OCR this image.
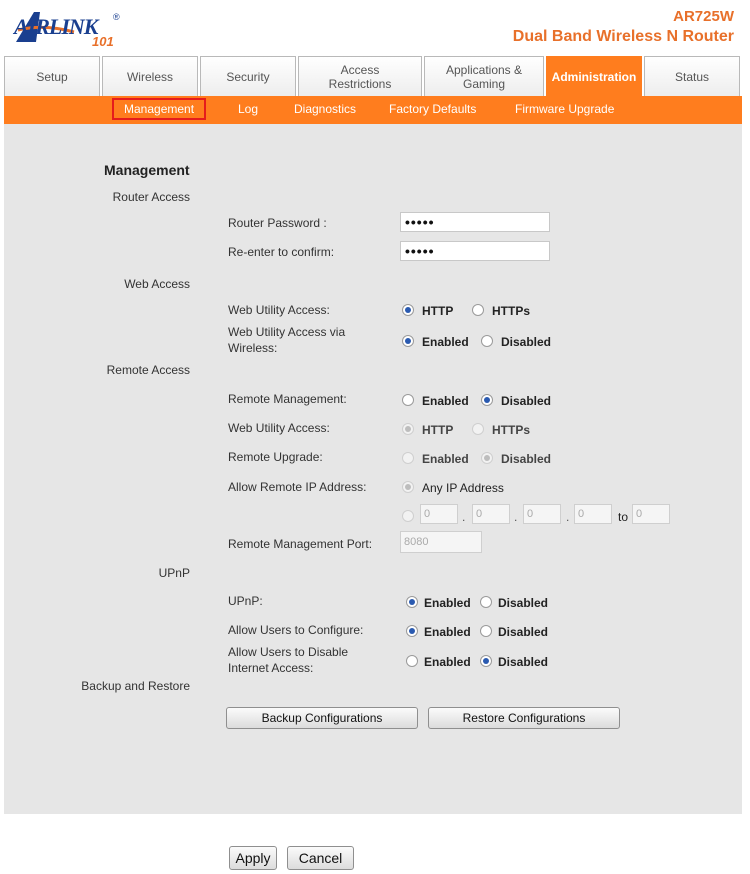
AIRLINK
101
®	AR725W
Dual Band Wireless N Router
Setup	Wireless	Security	Access Restrictions
Applications & Gaming	Administration	Status
Management	Log	Diagnostics	Factory Defaults	Firmware Upgrade
Management
Router Access
Router Password :	•••••
Re-enter to confirm:	•••••
Web Access
Web Utility Access:	HTTP	HTTPs
Web Utility Access via Wireless:	Enabled	Disabled
Remote Access
Remote Management:	Enabled	Disabled
Web Utility Access:	HTTP	HTTPs
Remote Upgrade:	Enabled	Disabled
Allow Remote IP Address:	Any IP Address
0	. 0	. 0	. 0	to 0
Remote Management Port:	8080
UPnP
UPnP:	Enabled Disabled
Allow Users to Configure:	Enabled Disabled
Allow Users to Disable Internet Access:	Enabled Disabled
Backup and Restore
Backup Configurations	Restore Configurations
Apply	Cancel
